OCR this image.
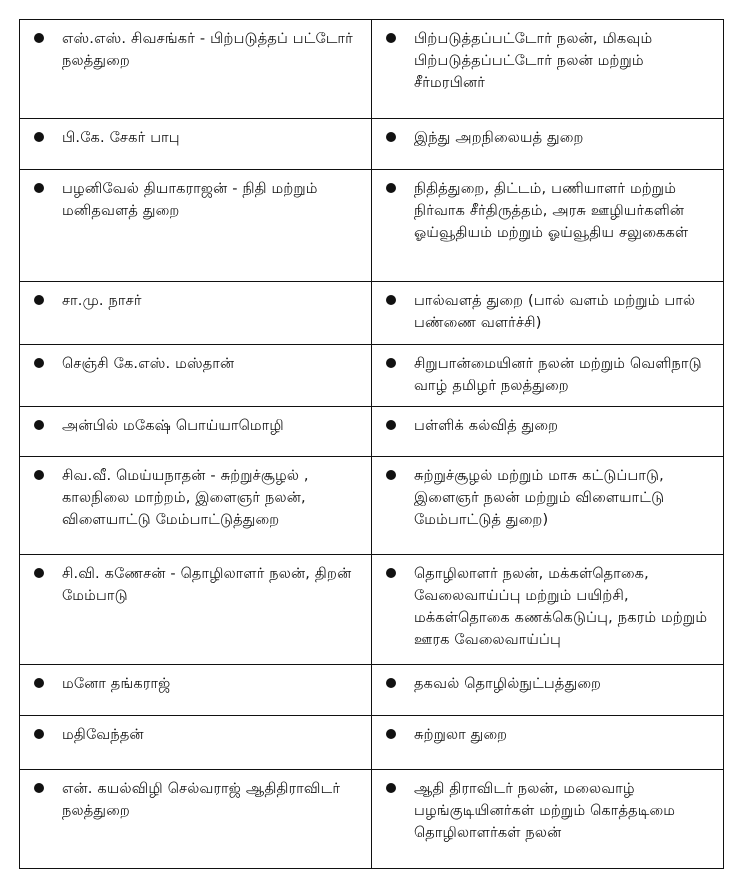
எஸ்.எஸ். சிவசங்கர் - பிற்படுத்தப் பட்டோர் நலத்துறை	பிற்படுத்தப்பட்டோர் நலன், மிகவும் பிற்படுத்தப்பட்டோர் நலன் மற்றும் சீர்மரபினர்

பி.கே. சேகர் பாபு	இந்து அறநிலையத் துறை

பழனிவேல் தியாகராஜன் - நிதி மற்றும் மனிதவளத் துறை	நிதித்துறை, திட்டம், பணியாளர் மற்றும் நிர்வாக சீர்திருத்தம், அரசு ஊழியர்களின் ஓய்வூதியம் மற்றும் ஓய்வூதிய சலுகைகள்

சா.மு. நாசர்	பால்வளத் துறை (பால் வளம் மற்றும் பால் பண்ணை வளர்ச்சி)

செஞ்சி கே.எஸ். மஸ்தான்	சிறுபான்மையினர் நலன் மற்றும் வெளிநாடு வாழ் தமிழர் நலத்துறை

அன்பில் மகேஷ் பொய்யாமொழி	பள்ளிக் கல்வித் துறை

சிவ.வீ. மெய்யநாதன் - சுற்றுச்சூழல் , காலநிலை மாற்றம், இளைஞர் நலன், விளையாட்டு மேம்பாட்டுத்துறை	சுற்றுச்சூழல் மற்றும் மாசு கட்டுப்பாடு, இளைஞர் நலன் மற்றும் விளையாட்டு மேம்பாட்டுத் துறை)

சி.வி. கணேசன் - தொழிலாளர் நலன், திறன் மேம்பாடு	தொழிலாளர் நலன், மக்கள்தொகை, வேலைவாய்ப்பு மற்றும் பயிற்சி, மக்கள்தொகை கணக்கெடுப்பு, நகரம் மற்றும் ஊரக வேலைவாய்ப்பு

மனோ தங்கராஜ்	தகவல் தொழில்நுட்பத்துறை

மதிவேந்தன்	சுற்றுலா துறை

என். கயல்விழி செல்வராஜ் ஆதிதிராவிடர் நலத்துறை	ஆதி திராவிடர் நலன், மலைவாழ் பழங்குடியினர்கள் மற்றும் கொத்தடிமை தொழிலாளர்கள் நலன்
